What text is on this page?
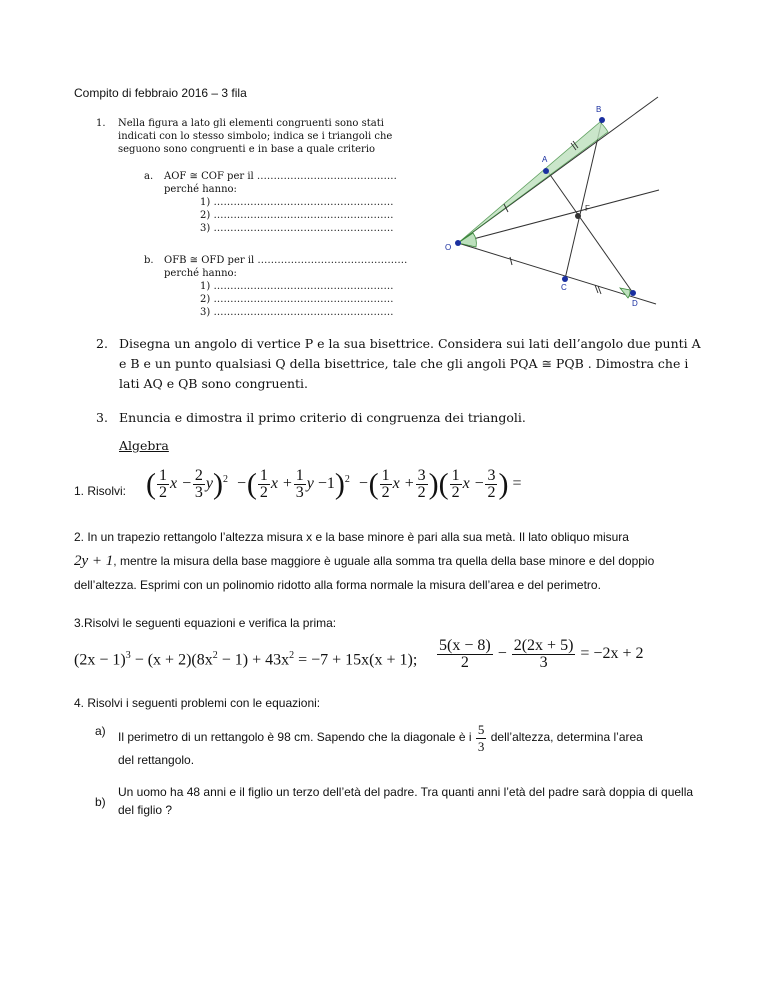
Compito di febbraio 2016 – 3 fila
1. Nella figura a lato gli elementi congruenti sono stati indicati con lo stesso simbolo; indica se i triangoli che seguono sono congruenti e in base a quale criterio
a. AOF ≅ COF per il ……………………………………
perché hanno:
1) ………………………………………………
2) ………………………………………………
3) ………………………………………………
b. OFB ≅ OFD per il ………………………………………
perché hanno:
1) ………………………………………………
2) ………………………………………………
3) ………………………………………………
A
B
C
D
F
O
2. Disegna un angolo di vertice P e la sua bisettrice. Considera sui lati dell’angolo due punti A e B e un punto qualsiasi Q della bisettrice, tale che gli angoli PQA ≅ PQB . Dimostra che i lati AQ e QB sono congruenti.
3. Enuncia e dimostra il primo criterio di congruenza dei triangoli.
Algebra
1. Risolvi: ( $\frac{1}{2}$ $x - \frac{2}{3} y)^2$  −( $\frac{1}{2}$ $x + \frac{1}{3}$ y −1)$^2$  −( $\frac{1}{2}$ $x + \frac{3}{2}$ )( $\frac{1}{2}$ $x - \frac{3}{2}$ ) =
2. In un trapezio rettangolo l’altezza misura x e la base minore è pari alla sua metà. Il lato obliquo misura
2y + 1, mentre la misura della base maggiore è uguale alla somma tra quella della base minore e del doppio dell’altezza. Esprimi con un polinomio ridotto alla forma normale la misura dell’area e del perimetro.
3.Risolvi le seguenti equazioni e verifica la prima:
$(2x - 1)^3 - (x + 2)(8x^2 - 1) + 43x^2 = -7 + 15x(x + 1)$; $\frac{5(x - 8)}{2} - \frac{2(2x + 5)}{3} = -2x + 2$
4. Risolvi i seguenti problemi con le equazioni:
a) Il perimetro di un rettangolo è 98 cm. Sapendo che la diagonale è i $\frac{5}{3}$ dell’altezza, determina l’area
del rettangolo.
b)
Un uomo ha 48 anni e il figlio un terzo dell’età del padre. Tra quanti anni l’età del padre sarà doppia di quella del figlio ?
